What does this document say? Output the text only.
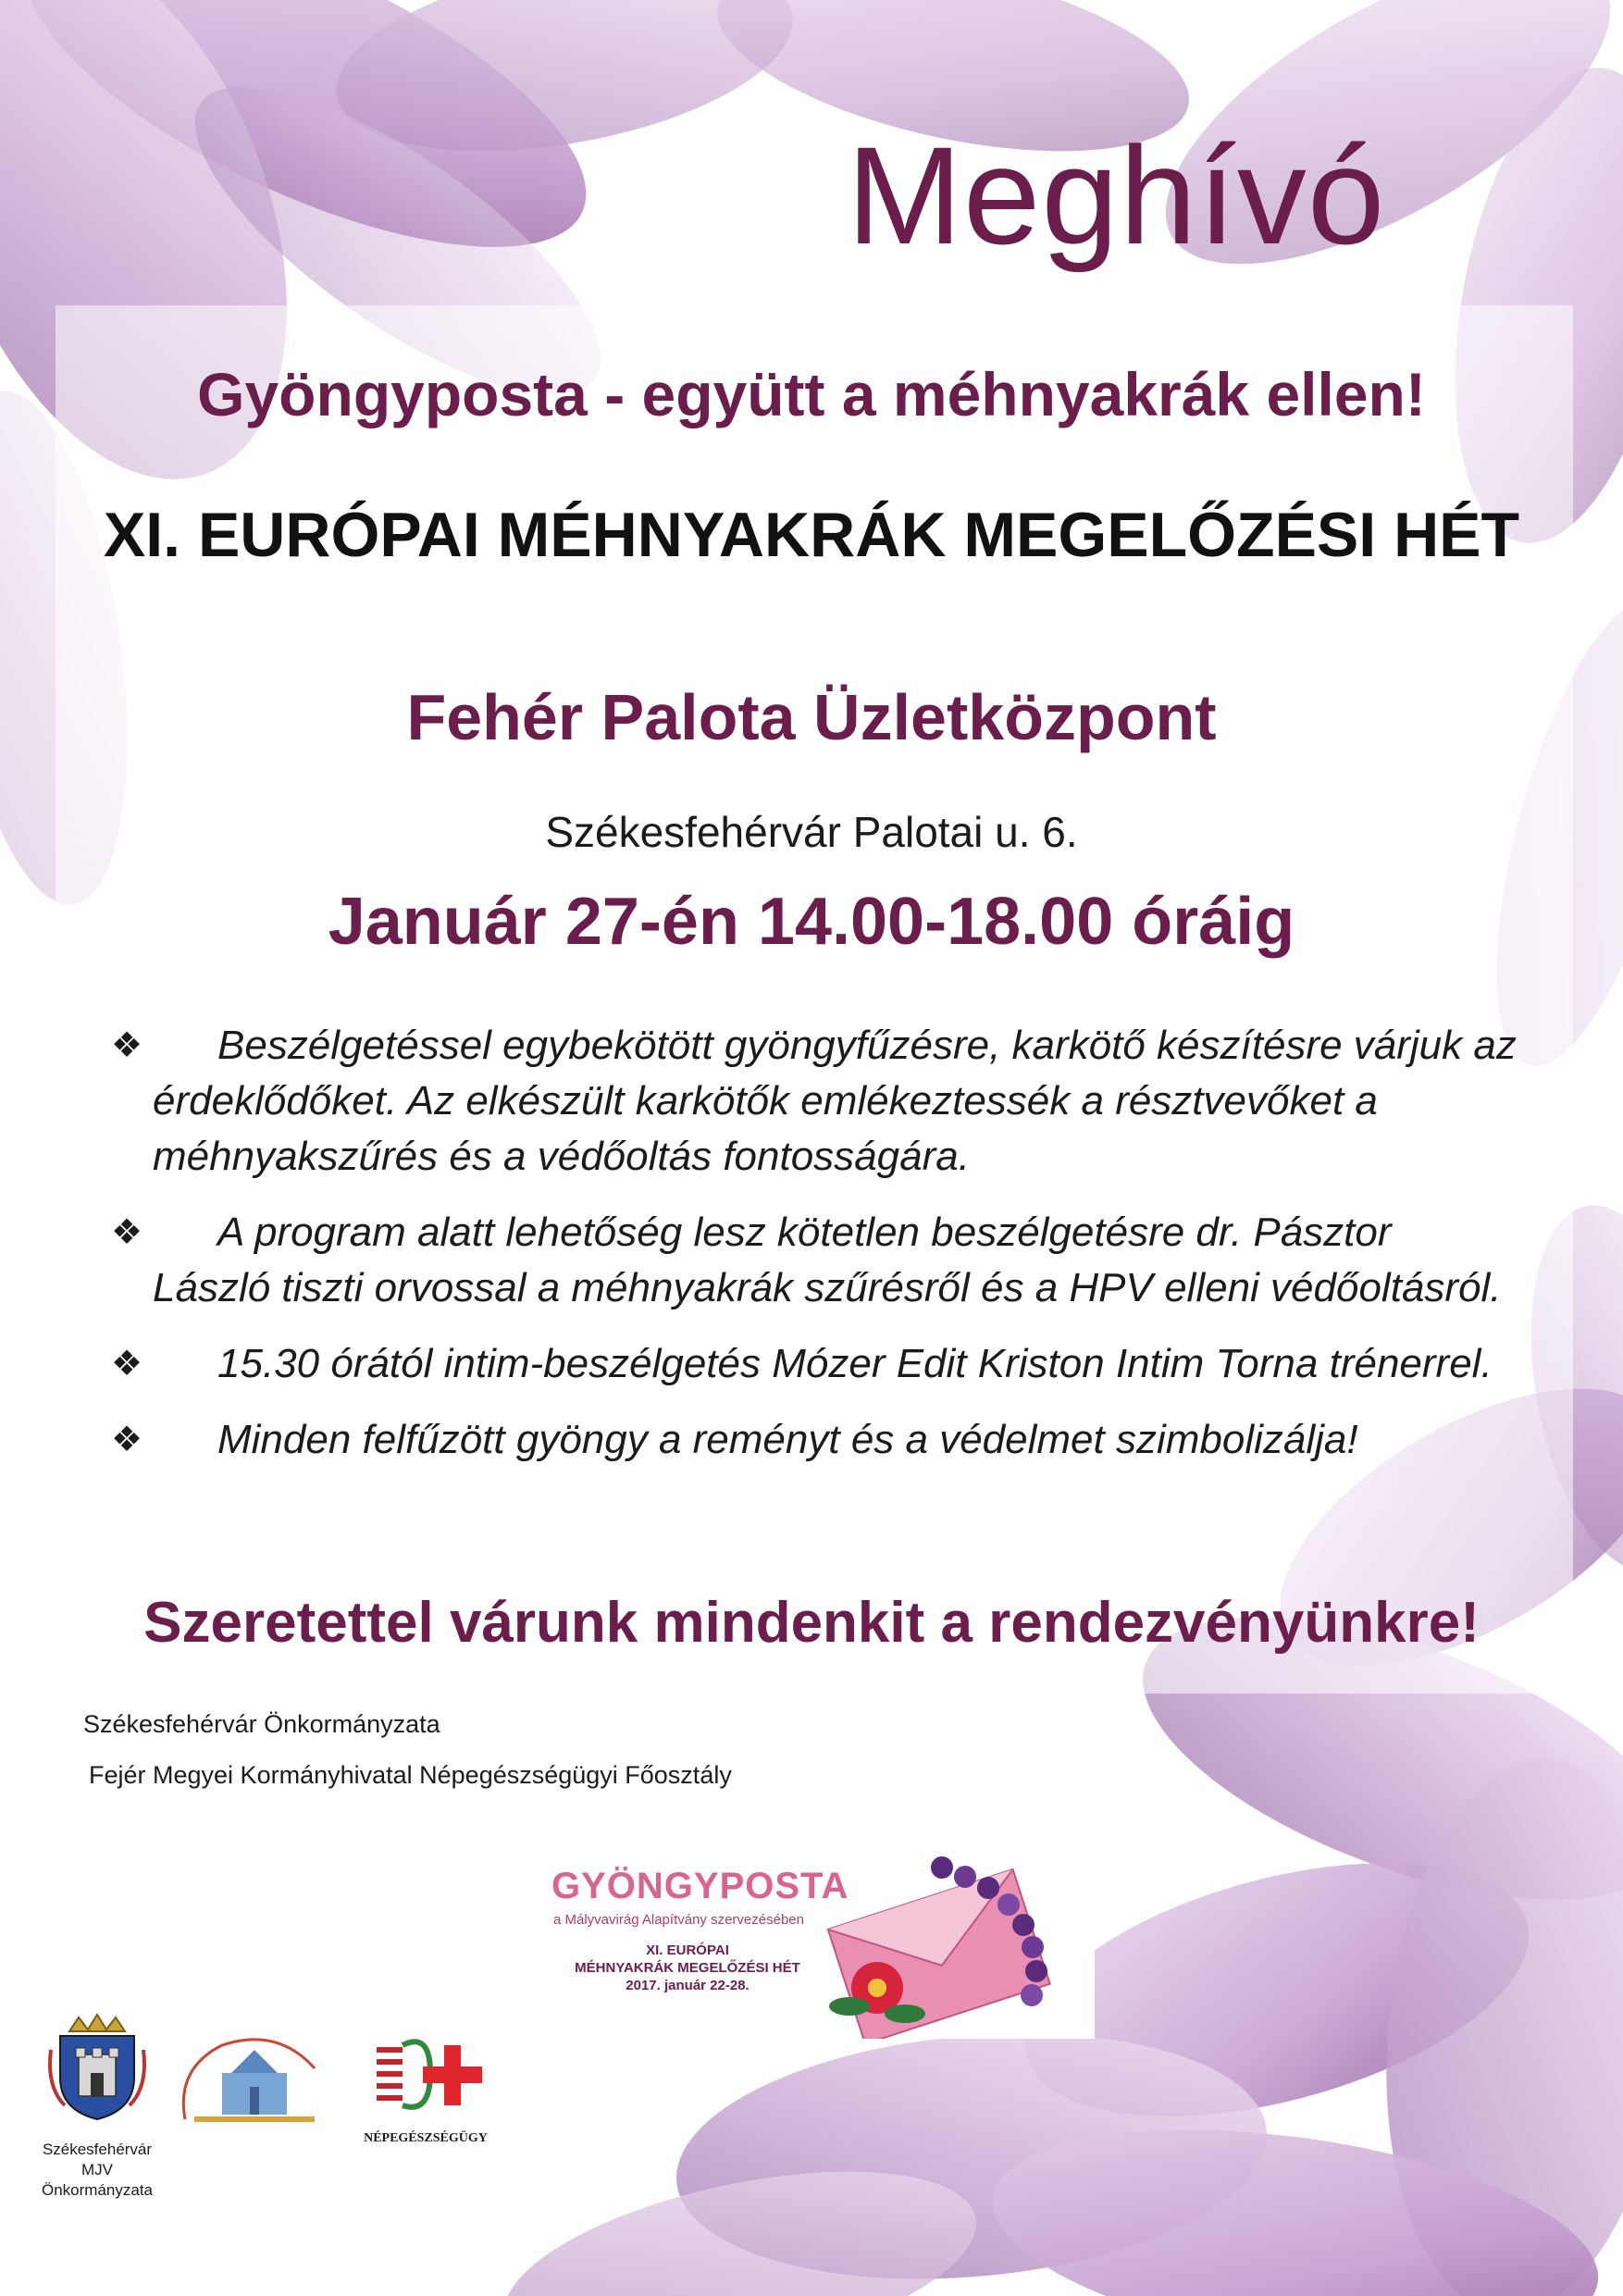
Meghívó
Gyöngyposta - együtt a méhnyakrák ellen!
XI. EURÓPAI MÉHNYAKRÁK MEGELŐZÉSI HÉT
Fehér Palota Üzletközpont
Székesfehérvár Palotai u. 6.
Január 27-én 14.00-18.00 óráig
❖ Beszélgetéssel egybekötött gyöngyfűzésre, karkötő készítésre várjuk az érdeklődőket. Az elkészült karkötők emlékeztessék a résztvevőket a méhnyakszűrés és a védőoltás fontosságára.
❖ A program alatt lehetőség lesz kötetlen beszélgetésre dr. Pásztor László tiszti orvossal a méhnyakrák szűrésről és a HPV elleni védőoltásról.
❖ 15.30 órától intim-beszélgetés Mózer Edit Kriston Intim Torna trénerrel.
❖ Minden felfűzött gyöngy a reményt és a védelmet szimbolizálja!
Szeretettel várunk mindenkit a rendezvényünkre!
Székesfehérvár Önkormányzata
Fejér Megyei Kormányhivatal Népegészségügyi Főosztály
GYÖNGYPOSTA
a Mályvavirág Alapítvány szervezésében
XI. EURÓPAI
MÉHNYAKRÁK MEGELŐZÉSI HÉT
2017. január 22-28.
Székesfehérvár
MJV
Önkormányzata
NÉPEGÉSZSÉGÜGY
